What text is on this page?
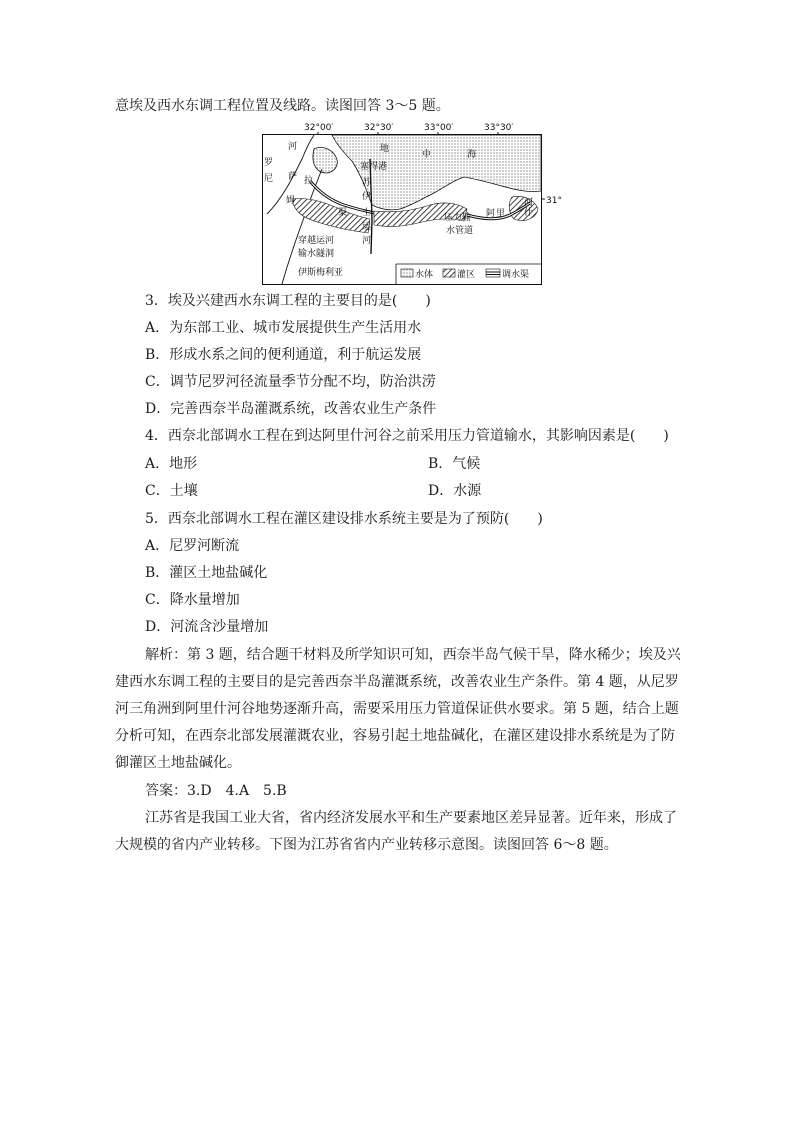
意埃及西水东调工程位置及线路。读图回答 3～5 题。
32°00′	32°30′	33°00′	33°30′
地
中	海
河
罗
萨 拉
尼
姆
塞得港
苏
伊
士
运
河
渠	压力输
水管道
阿 里 什
河
穿越运河
输水隧洞
伊斯梅利亚
31°
水体	灌区	调水渠
3．埃及兴建西水东调工程的主要目的是(　　)
A．为东部工业、城市发展提供生产生活用水
B．形成水系之间的便利通道，利于航运发展
C．调节尼罗河径流量季节分配不均，防治洪涝
D．完善西奈半岛灌溉系统，改善农业生产条件
4．西奈北部调水工程在到达阿里什河谷之前采用压力管道输水，其影响因素是(　　)
A．地形	B．气候
C．土壤	D．水源
5．西奈北部调水工程在灌区建设排水系统主要是为了预防(　　)
A．尼罗河断流
B．灌区土地盐碱化
C．降水量增加
D．河流含沙量增加
解析：第 3 题，结合题干材料及所学知识可知，西奈半岛气候干旱，降水稀少；埃及兴
建西水东调工程的主要目的是完善西奈半岛灌溉系统，改善农业生产条件。第 4 题，从尼罗
河三角洲到阿里什河谷地势逐渐升高，需要采用压力管道保证供水要求。第 5 题，结合上题
分析可知，在西奈北部发展灌溉农业，容易引起土地盐碱化，在灌区建设排水系统是为了防
御灌区土地盐碱化。
答案：3.D　4.A　5.B
江苏省是我国工业大省，省内经济发展水平和生产要素地区差异显著。近年来，形成了
大规模的省内产业转移。下图为江苏省省内产业转移示意图。读图回答 6～8 题。
